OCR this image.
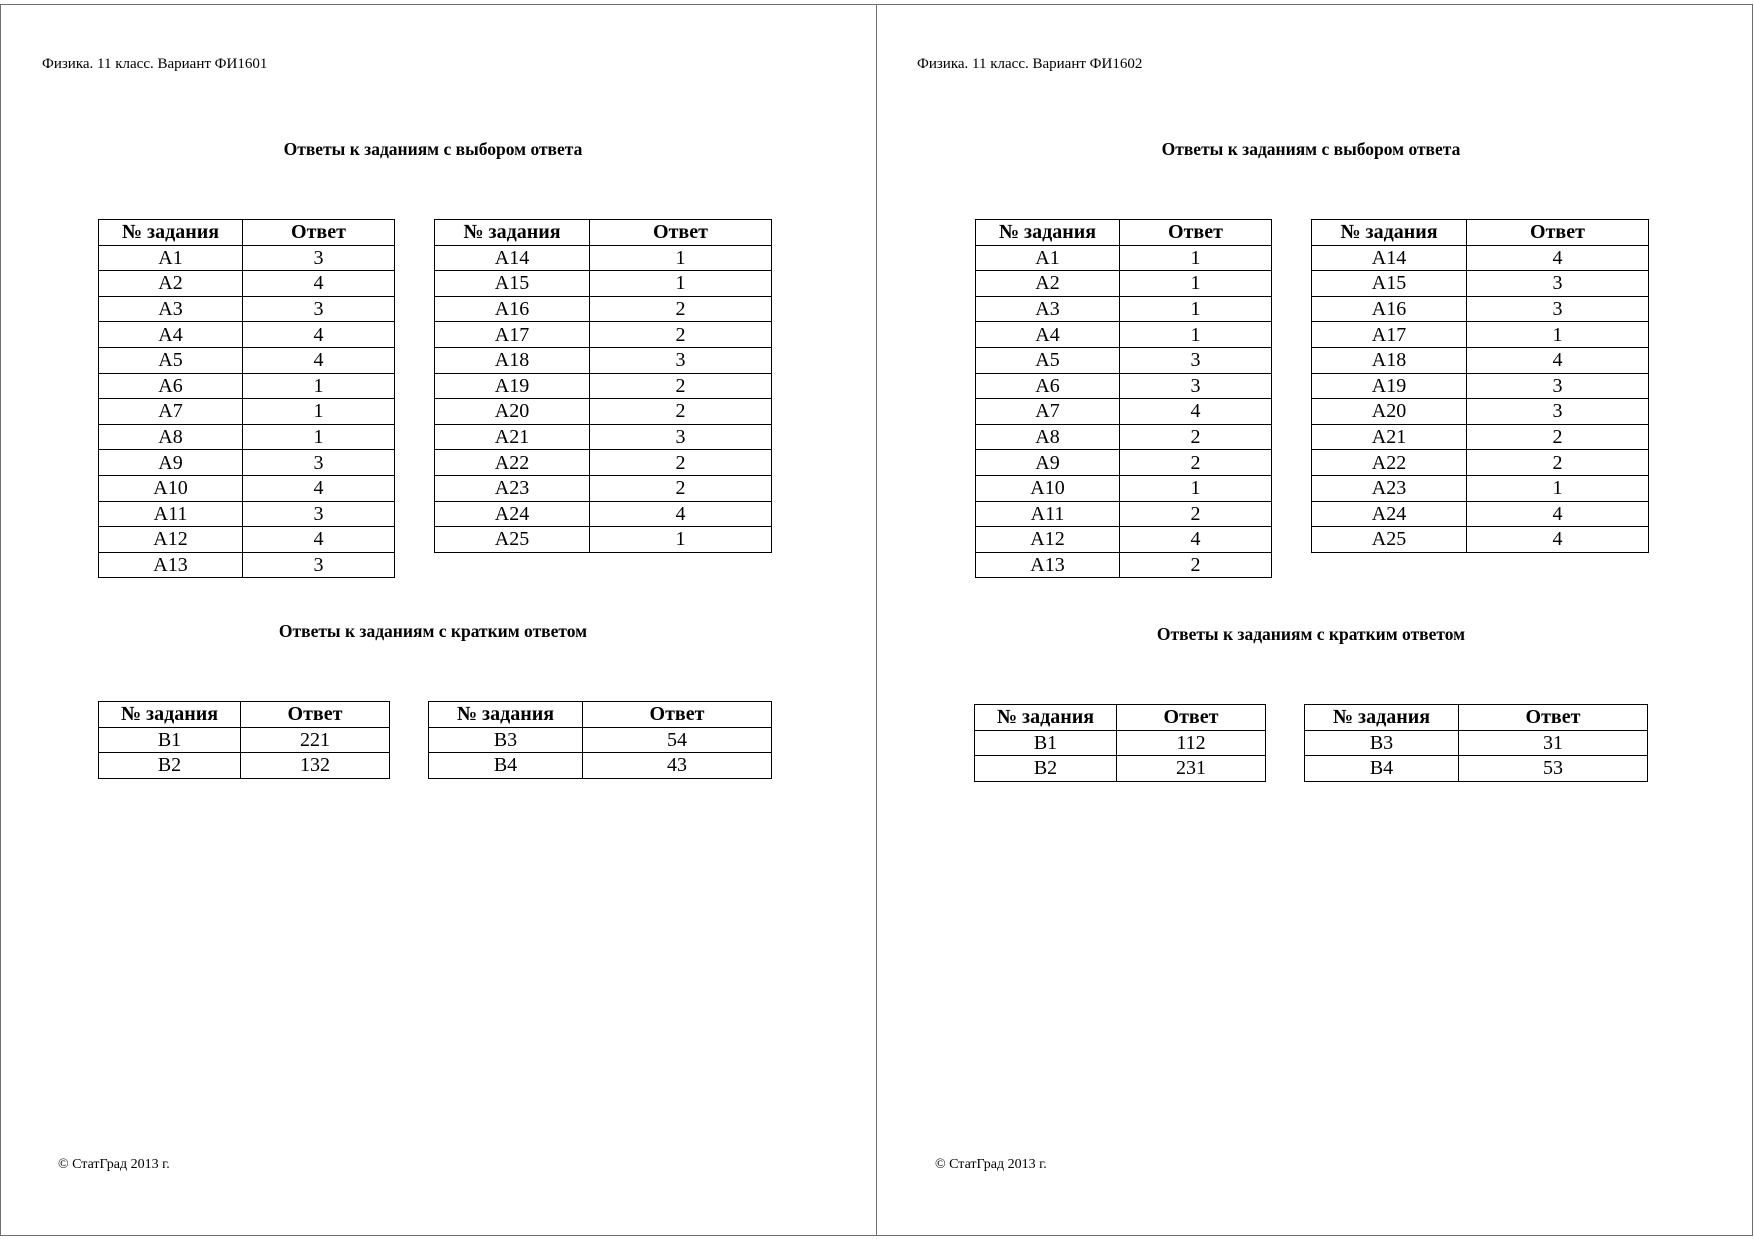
Физика. 11 класс. Вариант ФИ1601
Ответы к заданиям с выбором ответа
№ задания	Ответ
A1	3
A2	4
A3	3
A4	4
A5	4
A6	1
A7	1
A8	1
A9	3
A10	4
A11	3
A12	4
A13	3
№ задания	Ответ
A14	1
A15	1
A16	2
A17	2
A18	3
A19	2
A20	2
A21	3
A22	2
A23	2
A24	4
A25	1
Ответы к заданиям с кратким ответом
№ задания	Ответ
B1	221
B2	132
№ задания	Ответ
B3	54
B4	43
© СтатГрад 2013 г.
Физика. 11 класс. Вариант ФИ1602
Ответы к заданиям с выбором ответа
№ задания	Ответ
A1	1
A2	1
A3	1
A4	1
A5	3
A6	3
A7	4
A8	2
A9	2
A10	1
A11	2
A12	4
A13	2
№ задания	Ответ
A14	4
A15	3
A16	3
A17	1
A18	4
A19	3
A20	3
A21	2
A22	2
A23	1
A24	4
A25	4
Ответы к заданиям с кратким ответом
№ задания	Ответ
B1	112
B2	231
№ задания	Ответ
B3	31
B4	53
© СтатГрад 2013 г.
